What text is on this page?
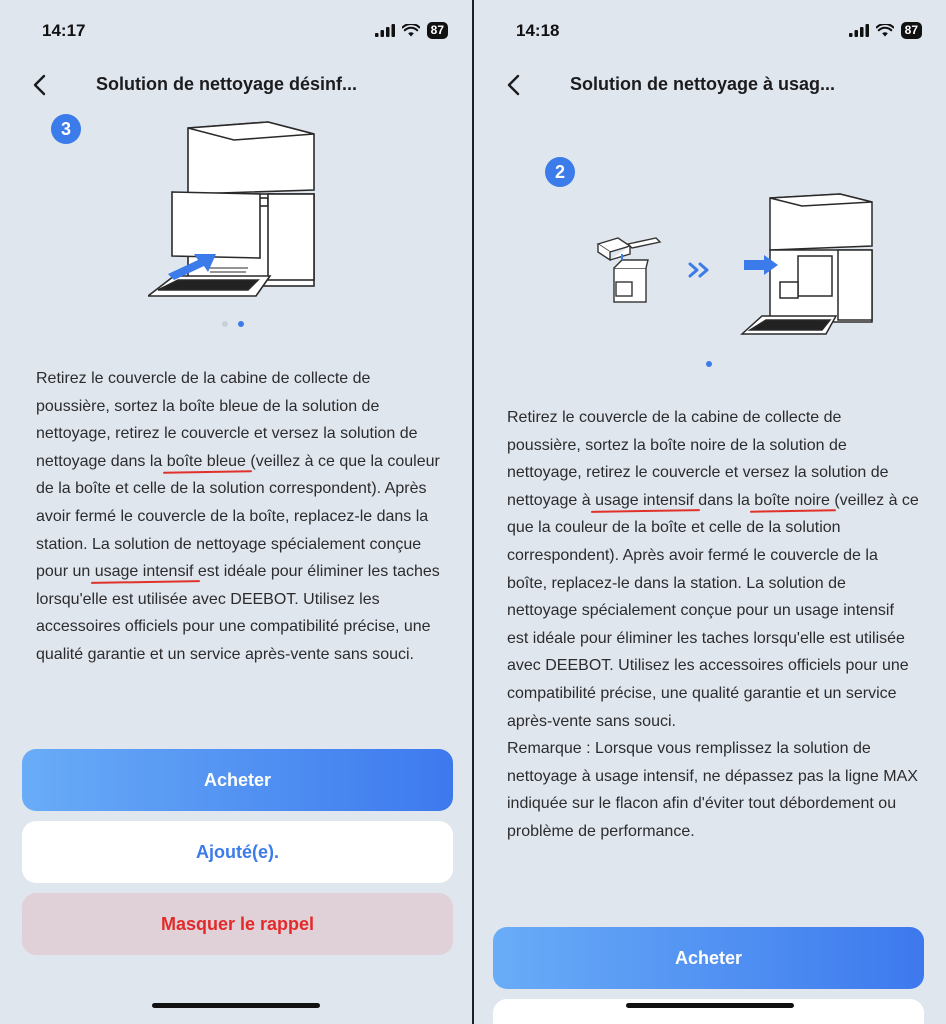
14:17	87
Solution de nettoyage désinf...
3

Retirez le couvercle de la cabine de collecte de poussière, sortez la boîte bleue de la solution de nettoyage, retirez le couvercle et versez la solution de nettoyage dans la boîte bleue (veillez à ce que la couleur de la boîte et celle de la solution correspondent). Après avoir fermé le couvercle de la boîte, replacez-le dans la station. La solution de nettoyage spécialement conçue pour un usage intensif est idéale pour éliminer les taches lorsqu'elle est utilisée avec DEEBOT. Utilisez les accessoires officiels pour une compatibilité précise, une qualité garantie et un service après-vente sans souci.

Acheter
Ajouté(e).
Masquer le rappel
14:18	87
Solution de nettoyage à usag...
2

Retirez le couvercle de la cabine de collecte de poussière, sortez la boîte noire de la solution de nettoyage, retirez le couvercle et versez la solution de nettoyage à usage intensif dans la boîte noire (veillez à ce que la couleur de la boîte et celle de la solution correspondent). Après avoir fermé le couvercle de la boîte, replacez-le dans la station. La solution de nettoyage spécialement conçue pour un usage intensif est idéale pour éliminer les taches lorsqu'elle est utilisée avec DEEBOT. Utilisez les accessoires officiels pour une compatibilité précise, une qualité garantie et un service après-vente sans souci.
Remarque : Lorsque vous remplissez la solution de nettoyage à usage intensif, ne dépassez pas la ligne MAX indiquée sur le flacon afin d'éviter tout débordement ou problème de performance.

Acheter
